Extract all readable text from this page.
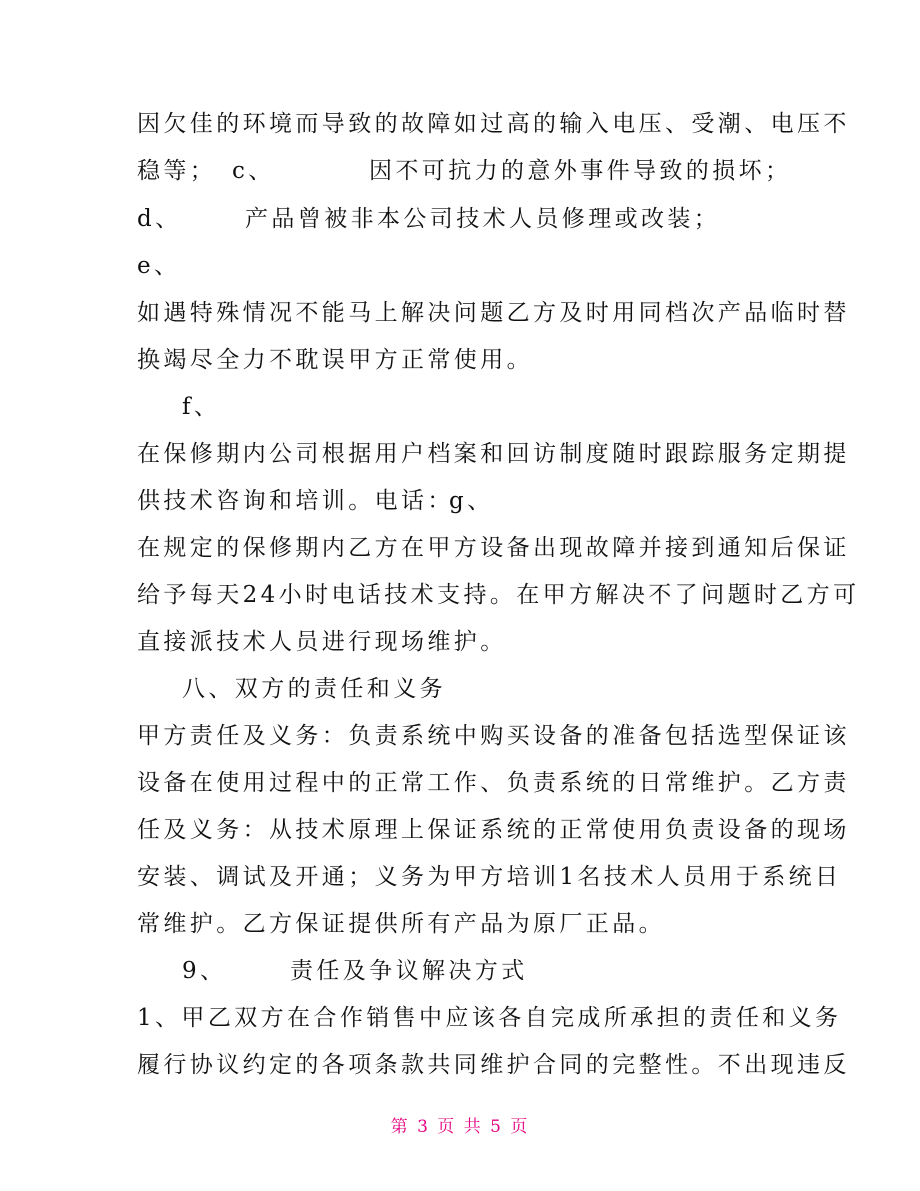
因欠佳的环境而导致的故障如过高的输入电压、受潮、电压不
稳等； c、	因不可抗力的意外事件导致的损坏；
d、	产品曾被非本公司技术人员修理或改装；
e、
如遇特殊情况不能马上解决问题乙方及时用同档次产品临时替
换竭尽全力不耽误甲方正常使用。
f、
在保修期内公司根据用户档案和回访制度随时跟踪服务定期提
供技术咨询和培训。电话：
g、
在规定的保修期内乙方在甲方设备出现故障并接到通知后保证
给予每天24小时电话技术支持。在甲方解决不了问题时乙方可
直接派技术人员进行现场维护。
八、双方的责任和义务
甲方责任及义务：负责系统中购买设备的准备包括选型保证该
设备在使用过程中的正常工作、负责系统的日常维护。乙方责
任及义务：从技术原理上保证系统的正常使用负责设备的现场
安装、调试及开通；义务为甲方培训1名技术人员用于系统日
常维护。乙方保证提供所有产品为原厂正品。
9、	责任及争议解决方式
1、甲乙双方在合作销售中应该各自完成所承担的责任和义务
履行协议约定的各项条款共同维护合同的完整性。不出现违反
第 3 页 共 5 页
